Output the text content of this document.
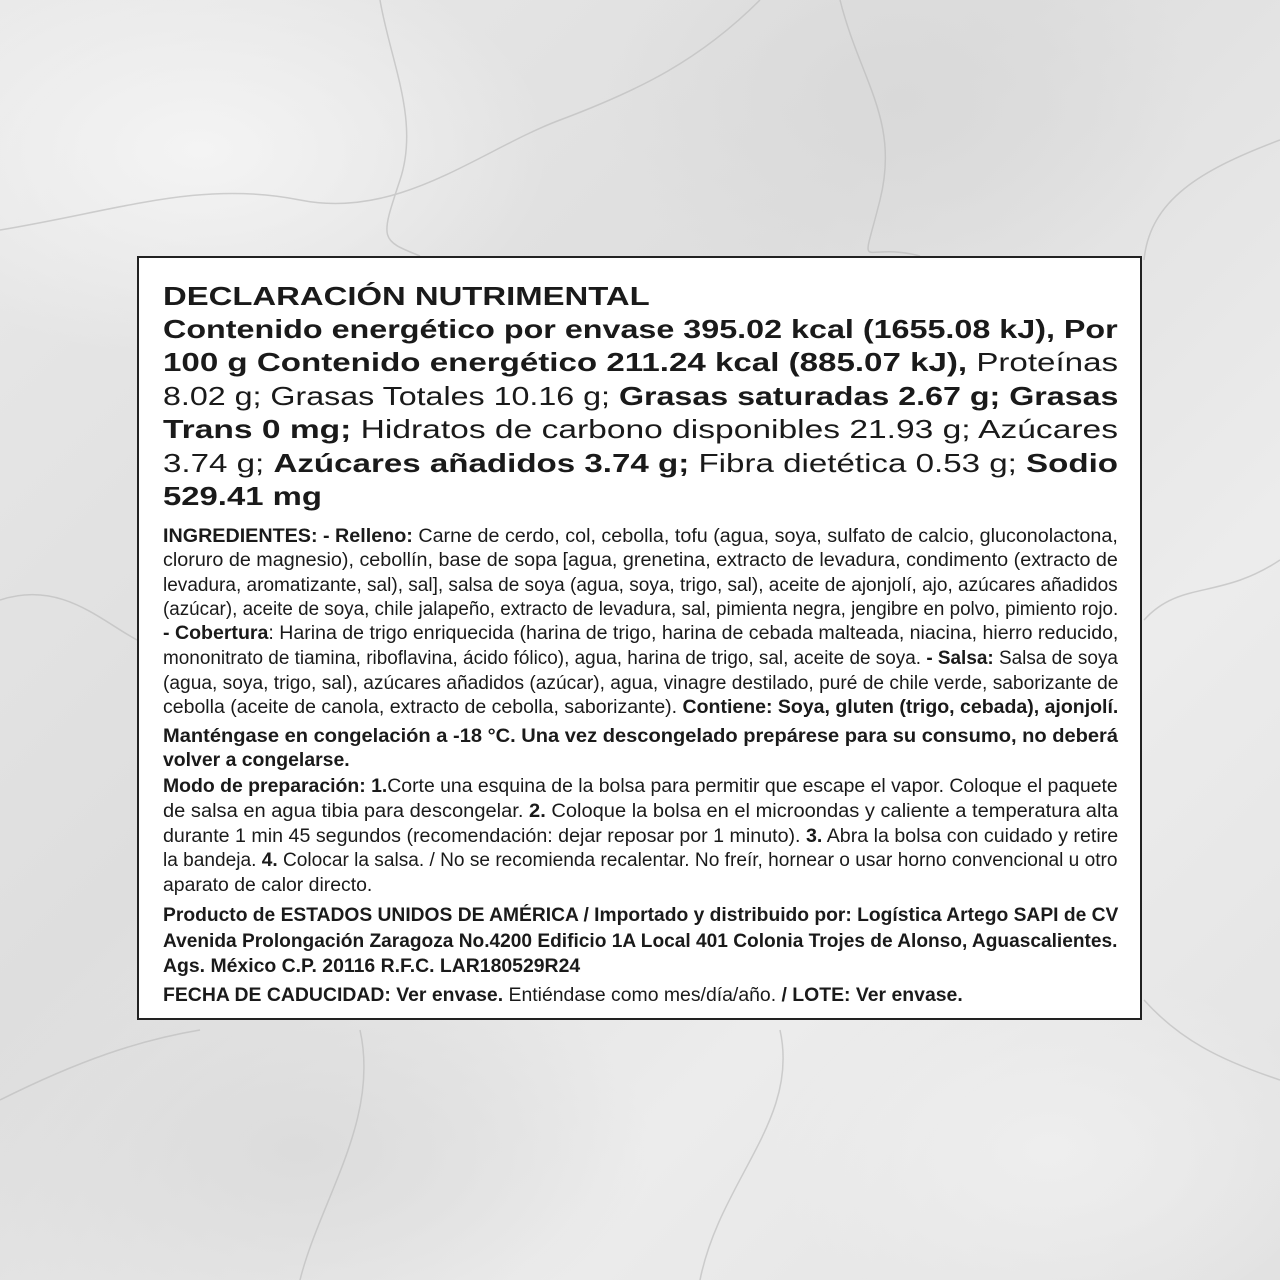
DECLARACIÓN NUTRIMENTAL
Contenido energético por envase 395.02 kcal (1655.08 kJ), Por
100 g Contenido energético 211.24 kcal (885.07 kJ), Proteínas
8.02 g; Grasas Totales 10.16 g; Grasas saturadas 2.67 g; Grasas
Trans 0 mg; Hidratos de carbono disponibles 21.93 g; Azúcares
3.74 g; Azúcares añadidos 3.74 g; Fibra dietética 0.53 g; Sodio
529.41 mg
INGREDIENTES: - Relleno: Carne de cerdo, col, cebolla, tofu (agua, soya, sulfato de calcio, gluconolactona,
cloruro de magnesio), cebollín, base de sopa [agua, grenetina, extracto de levadura, condimento (extracto de
levadura, aromatizante, sal), sal], salsa de soya (agua, soya, trigo, sal), aceite de ajonjolí, ajo, azúcares añadidos
(azúcar), aceite de soya, chile jalapeño, extracto de levadura, sal, pimienta negra, jengibre en polvo, pimiento rojo.
- Cobertura: Harina de trigo enriquecida (harina de trigo, harina de cebada malteada, niacina, hierro reducido,
mononitrato de tiamina, riboflavina, ácido fólico), agua, harina de trigo, sal, aceite de soya. - Salsa: Salsa de soya
(agua, soya, trigo, sal), azúcares añadidos (azúcar), agua, vinagre destilado, puré de chile verde, saborizante de
cebolla (aceite de canola, extracto de cebolla, saborizante). Contiene: Soya, gluten (trigo, cebada), ajonjolí.
Manténgase en congelación a -18 °C. Una vez descongelado prepárese para su consumo, no deberá
volver a congelarse.
Modo de preparación: 1.Corte una esquina de la bolsa para permitir que escape el vapor. Coloque el paquete
de salsa en agua tibia para descongelar. 2. Coloque la bolsa en el microondas y caliente a temperatura alta
durante 1 min 45 segundos (recomendación: dejar reposar por 1 minuto). 3. Abra la bolsa con cuidado y retire
la bandeja. 4. Colocar la salsa. / No se recomienda recalentar. No freír, hornear o usar horno convencional u otro
aparato de calor directo.
Producto de ESTADOS UNIDOS DE AMÉRICA / Importado y distribuido por: Logística Artego SAPI de CV
Avenida Prolongación Zaragoza No.4200 Edificio 1A Local 401 Colonia Trojes de Alonso, Aguascalientes.
Ags. México C.P. 20116 R.F.C. LAR180529R24
FECHA DE CADUCIDAD: Ver envase. Entiéndase como mes/día/año. / LOTE: Ver envase.
